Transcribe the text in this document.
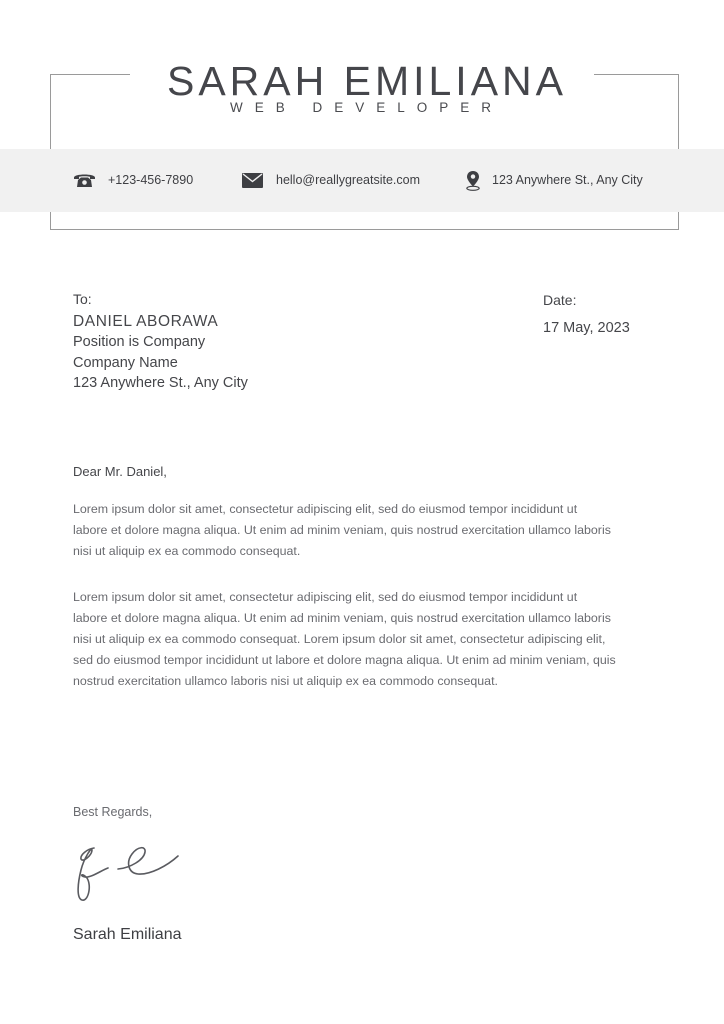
SARAH EMILIANA
WEB DEVELOPER
+123-456-7890	hello@reallygreatsite.com	123 Anywhere St., Any City
To:
DANIEL ABORAWA
Position is Company
Company Name
123 Anywhere St., Any City
Date:
17 May, 2023
Dear Mr. Daniel,
Lorem ipsum dolor sit amet, consectetur adipiscing elit, sed do eiusmod tempor incididunt ut
labore et dolore magna aliqua. Ut enim ad minim veniam, quis nostrud exercitation ullamco laboris
nisi ut aliquip ex ea commodo consequat.
Lorem ipsum dolor sit amet, consectetur adipiscing elit, sed do eiusmod tempor incididunt ut
labore et dolore magna aliqua. Ut enim ad minim veniam, quis nostrud exercitation ullamco laboris
nisi ut aliquip ex ea commodo consequat. Lorem ipsum dolor sit amet, consectetur adipiscing elit,
sed do eiusmod tempor incididunt ut labore et dolore magna aliqua. Ut enim ad minim veniam, quis
nostrud exercitation ullamco laboris nisi ut aliquip ex ea commodo consequat.
Best Regards,
Sarah Emiliana
